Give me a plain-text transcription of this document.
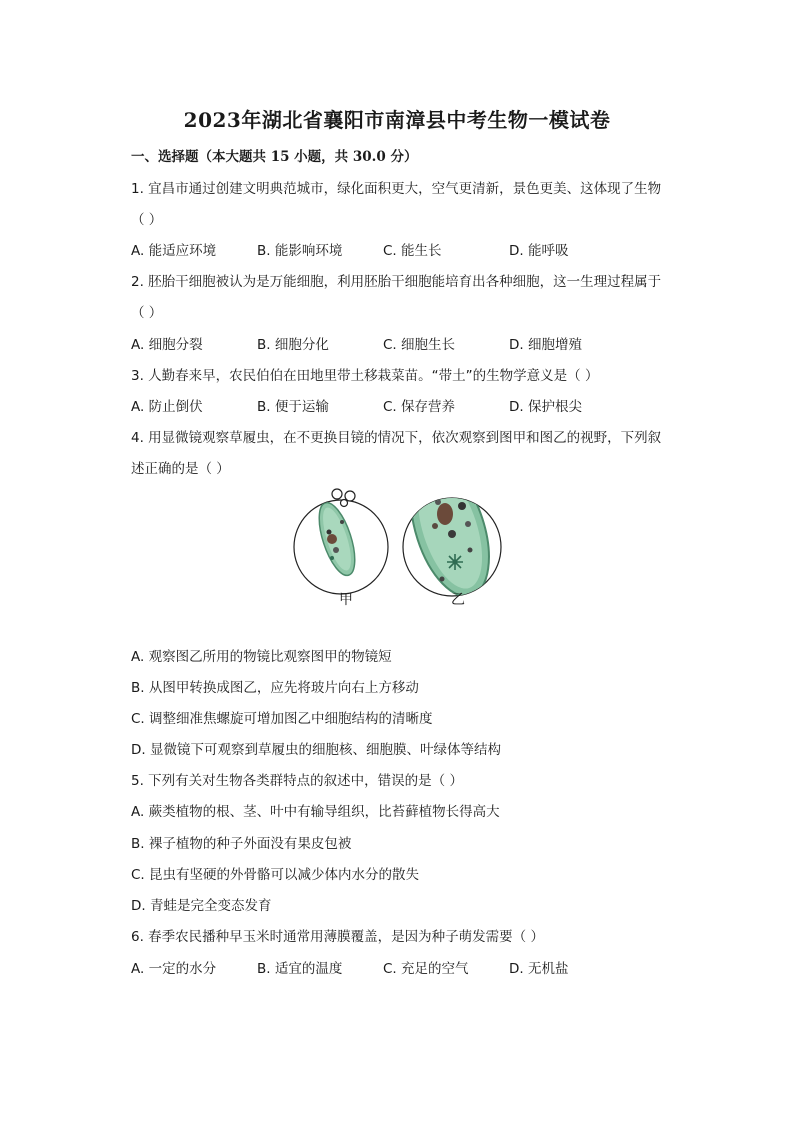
2023年湖北省襄阳市南漳县中考生物一模试卷
一、选择题（本大题共 15 小题，共 30.0 分）
1. 宜昌市通过创建文明典范城市，绿化面积更大，空气更清新，景色更美、这体现了生物
（ ）
A. 能适应环境	B. 能影响环境	C. 能生长	D. 能呼吸
2. 胚胎干细胞被认为是万能细胞，利用胚胎干细胞能培育出各种细胞，这一生理过程属于
（ ）
A. 细胞分裂	B. 细胞分化	C. 细胞生长	D. 细胞增殖
3. 人勤春来早，农民伯伯在田地里带土移栽菜苗。“带土”的生物学意义是（ ）
A. 防止倒伏	B. 便于运输	C. 保存营养	D. 保护根尖
4. 用显微镜观察草履虫，在不更换目镜的情况下，依次观察到图甲和图乙的视野，下列叙
述正确的是（ ）
甲	乙
A. 观察图乙所用的物镜比观察图甲的物镜短
B. 从图甲转换成图乙，应先将玻片向右上方移动
C. 调整细准焦螺旋可增加图乙中细胞结构的清晰度
D. 显微镜下可观察到草履虫的细胞核、细胞膜、叶绿体等结构
5. 下列有关对生物各类群特点的叙述中，错误的是（ ）
A. 蕨类植物的根、茎、叶中有输导组织，比苔藓植物长得高大
B. 裸子植物的种子外面没有果皮包被
C. 昆虫有坚硬的外骨骼可以减少体内水分的散失
D. 青蛙是完全变态发育
6. 春季农民播种早玉米时通常用薄膜覆盖，是因为种子萌发需要（ ）
A. 一定的水分	B. 适宜的温度	C. 充足的空气	D. 无机盐
